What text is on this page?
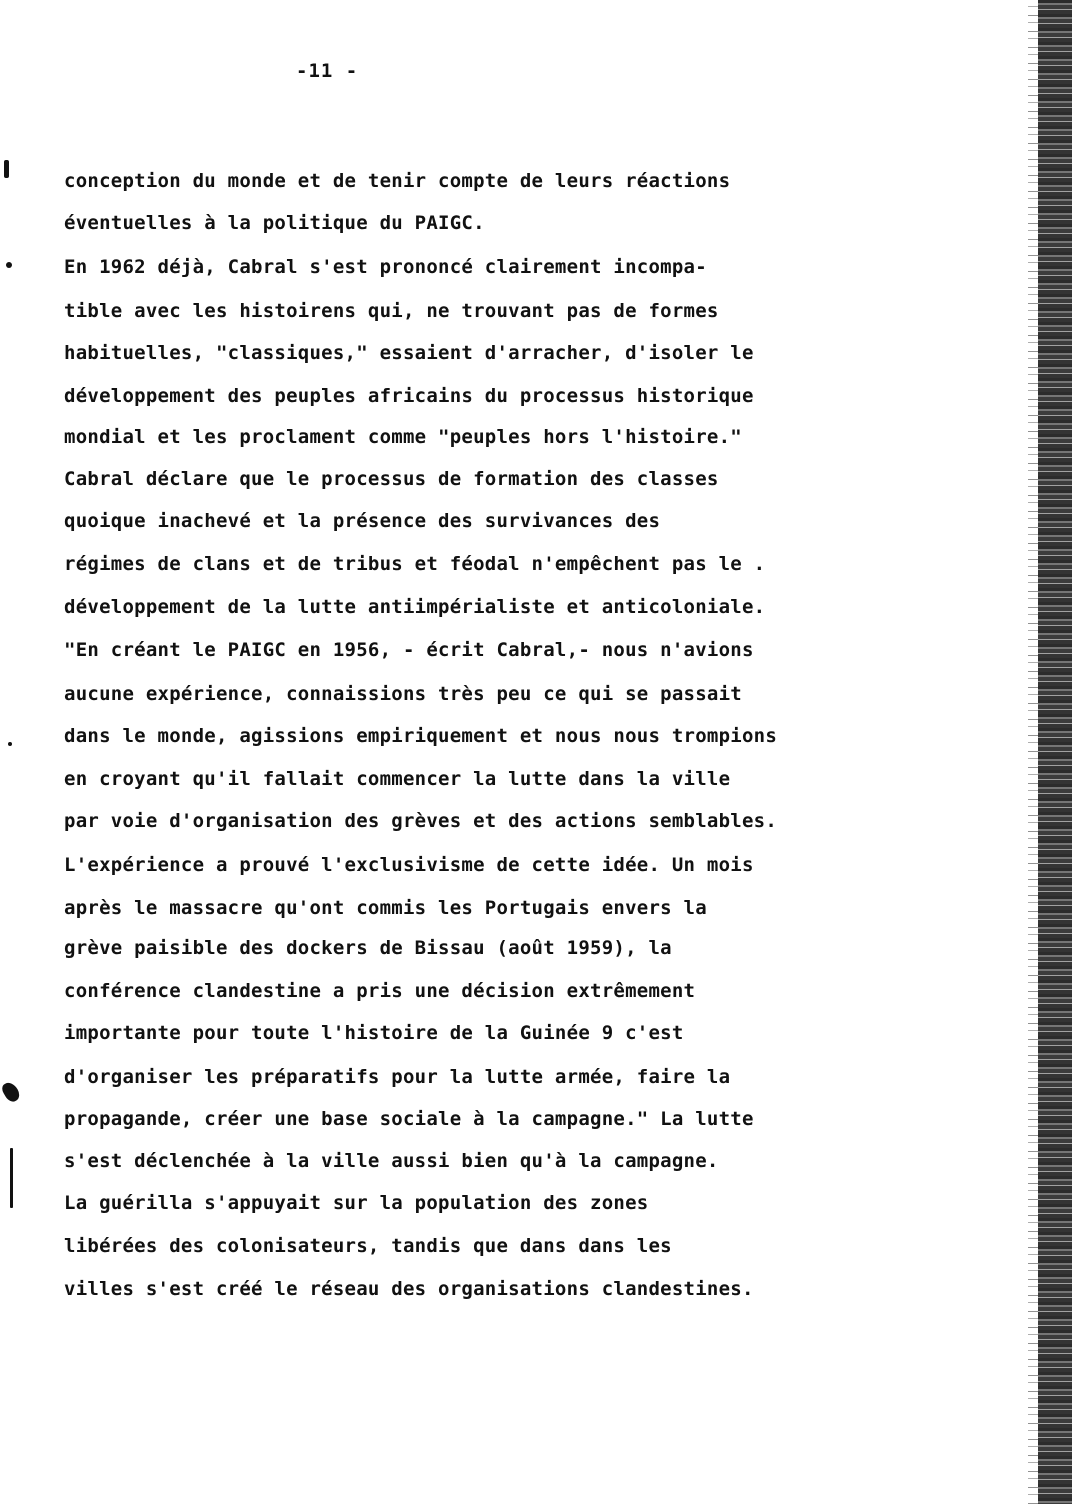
-11 -
conception du monde et de tenir compte de leurs réactions
éventuelles à la politique du PAIGC.
En 1962 déjà, Cabral s'est prononcé clairement incompa-
tible avec les histoirens qui, ne trouvant pas de formes
habituelles, "classiques," essaient d'arracher, d'isoler le
développement des peuples africains du processus historique
mondial et les proclament comme "peuples hors l'histoire."
Cabral déclare que le processus de formation des classes
quoique inachevé et la présence des survivances des
régimes de clans et de tribus et féodal n'empêchent pas le .
développement de la lutte antiimpérialiste et anticoloniale.
"En créant le PAIGC en 1956, - écrit Cabral,- nous n'avions
aucune expérience, connaissions très peu ce qui se passait
dans le monde, agissions empiriquement et nous nous trompions
en croyant qu'il fallait commencer la lutte dans la ville
par voie d'organisation des grèves et des actions semblables.
L'expérience a prouvé l'exclusivisme de cette idée. Un mois
après le massacre qu'ont commis les Portugais envers la
grève paisible des dockers de Bissau (août 1959), la
conférence clandestine a pris une décision extrêmement
importante pour toute l'histoire de la Guinée 9 c'est
d'organiser les préparatifs pour la lutte armée, faire la
propagande, créer une base sociale à la campagne." La lutte
s'est déclenchée à la ville aussi bien qu'à la campagne.
La guérilla s'appuyait sur la population des zones
libérées des colonisateurs, tandis que dans dans les
villes s'est créé le réseau des organisations clandestines.
